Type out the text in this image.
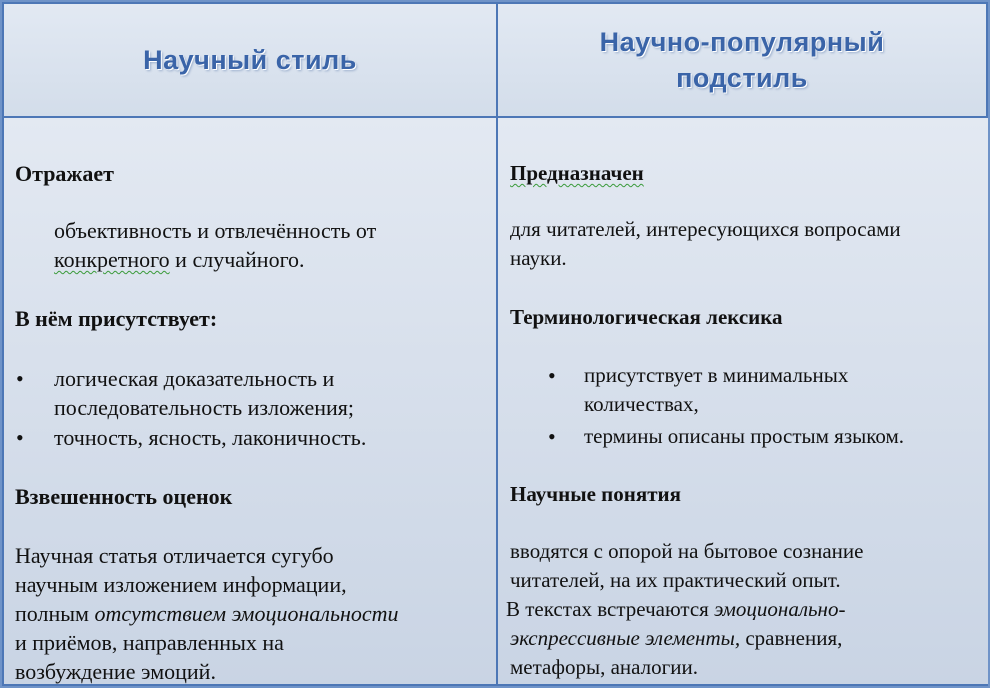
Научный стиль
Научно-популярный
подстиль
Отражает
объективность и отвлечённость от
конкретного и случайного.
В нём присутствует:
• логическая доказательность и
последовательность изложения;
• точность, ясность, лаконичность.
Взвешенность оценок
Научная статья отличается сугубо
научным изложением информации,
полным отсутствием эмоциональности
и приёмов, направленных на
возбуждение эмоций.
Предназначен
для читателей, интересующихся вопросами
науки.
Терминологическая лексика
• присутствует в минимальных
количествах,
• термины описаны простым языком.
Научные понятия
вводятся с опорой на бытовое сознание
читателей, на их практический опыт.
В текстах встречаются эмоционально-
экспрессивные элементы, сравнения,
метафоры, аналогии.
